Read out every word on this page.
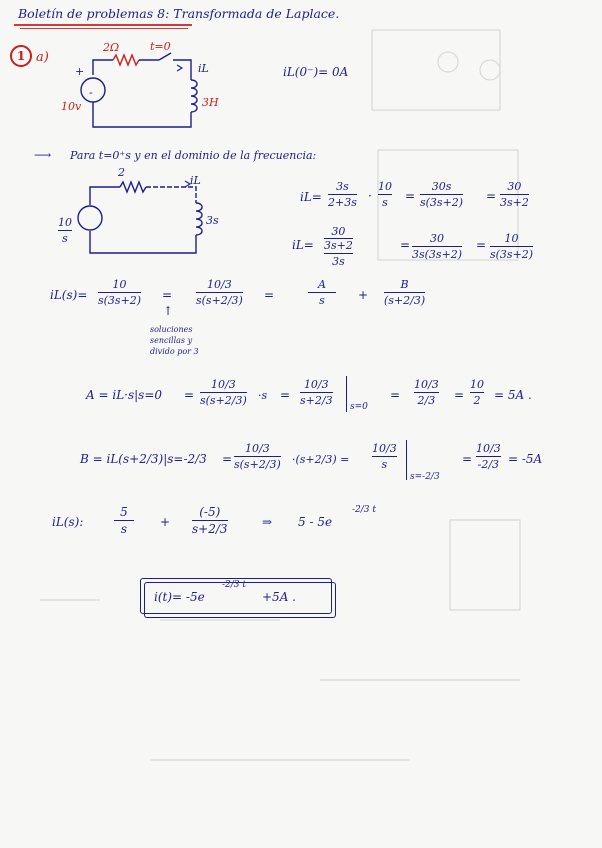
Boletín de problemas 8: Transformada de Laplace.
1 a)
2Ω	t=0
+
-
10v
iL
3H
iL(0⁻)= 0A
⟶ Para t=0⁺s y en el dominio de la frecuencia:
2
iL
3s
10
s
iL=
3s
2+3s ·
10
s	=
30s
s(3s+2) =
30
3s+2
$iL= \frac{30}{3s+2}$
3s
=	30
3s(3s+2)
=	10
s(3s+2)
iL(s)=
10
s(3s+2) =
10/3
s(s+2/3) =
A
s	+
B
(s+2/3)
↑
soluciones
sencillas y
divido por 3
A = iL·s|s=0 =
10/3
s(s+2/3) ·s =
10/3
s+2/3 s=0
=
10/3
2/3 =
10
2 = 5A .
B = iL(s+2/3)|s=-2/3 =
10/3
s(s+2/3) ·(s+2/3) =
10/3
s
s=-2/3
=
10/3
-2/3 = -5A
iL(s):
5
s	+
(-5)
s+2/3	⇒ 5 - 5e
-2/3 t
i(t)= -5e
-2/3 t
+5A .
